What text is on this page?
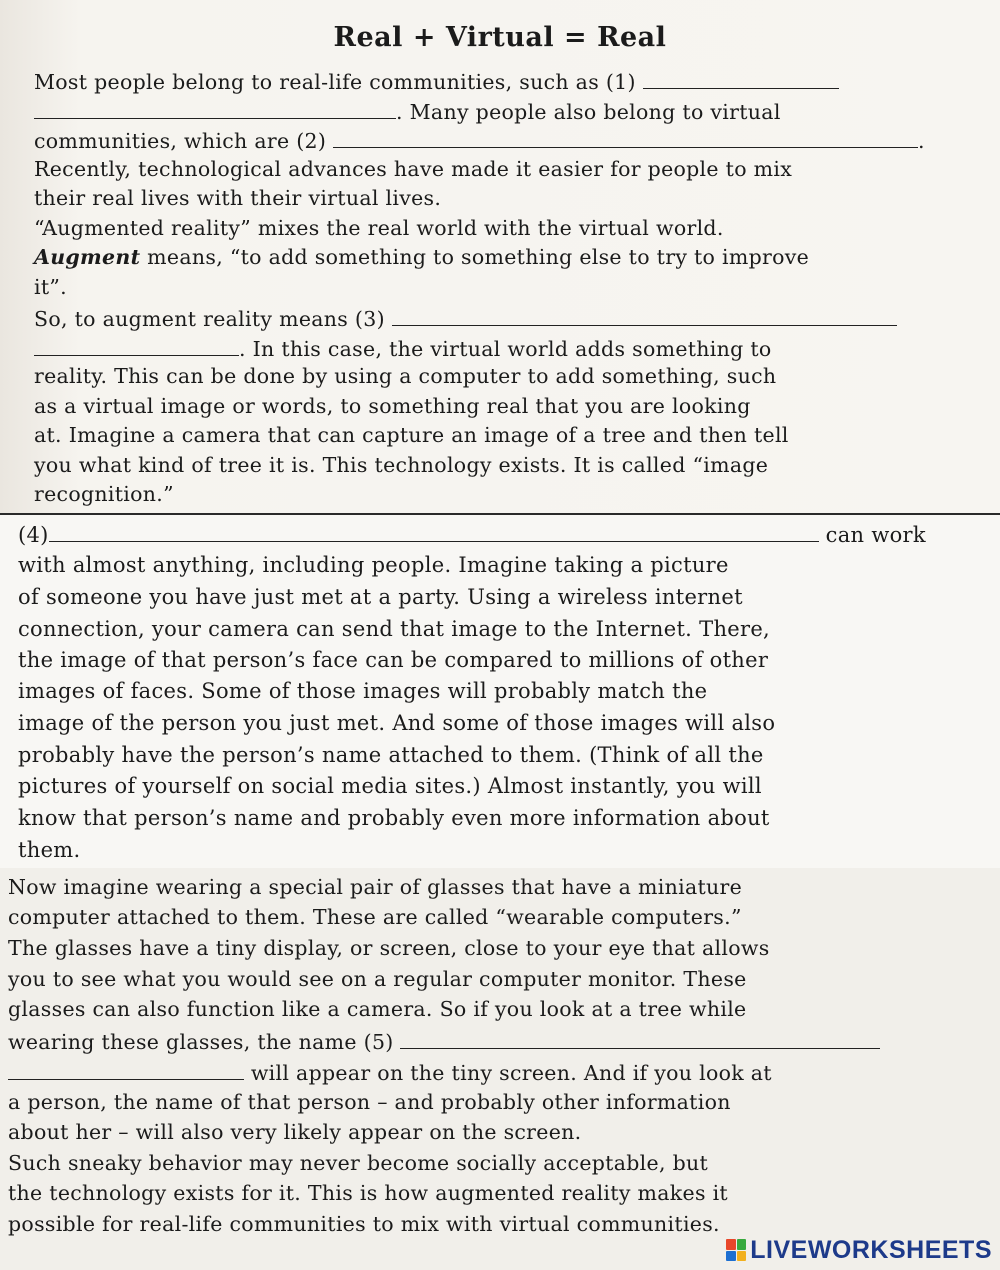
Real + Virtual = Real
Most people belong to real-life communities, such as (1)
. Many people also belong to virtual
communities, which are (2)	.
Recently, technological advances have made it easier for people to mix
their real lives with their virtual lives.
“Augmented reality” mixes the real world with the virtual world.
Augment means, “to add something to something else to try to improve
it”.
So, to augment reality means (3)
. In this case, the virtual world adds something to
reality. This can be done by using a computer to add something, such
as a virtual image or words, to something real that you are looking
at. Imagine a camera that can capture an image of a tree and then tell
you what kind of tree it is. This technology exists. It is called “image
recognition.”
(4)	can work
with almost anything, including people. Imagine taking a picture
of someone you have just met at a party. Using a wireless internet
connection, your camera can send that image to the Internet. There,
the image of that person’s face can be compared to millions of other
images of faces. Some of those images will probably match the
image of the person you just met. And some of those images will also
probably have the person’s name attached to them. (Think of all the
pictures of yourself on social media sites.) Almost instantly, you will
know that person’s name and probably even more information about
them.
Now imagine wearing a special pair of glasses that have a miniature
computer attached to them. These are called “wearable computers.”
The glasses have a tiny display, or screen, close to your eye that allows
you to see what you would see on a regular computer monitor. These
glasses can also function like a camera. So if you look at a tree while
wearing these glasses, the name (5)
will appear on the tiny screen. And if you look at
a person, the name of that person – and probably other information
about her – will also very likely appear on the screen.
Such sneaky behavior may never become socially acceptable, but
the technology exists for it. This is how augmented reality makes it
possible for real-life communities to mix with virtual communities.
LIVEWORKSHEETS
